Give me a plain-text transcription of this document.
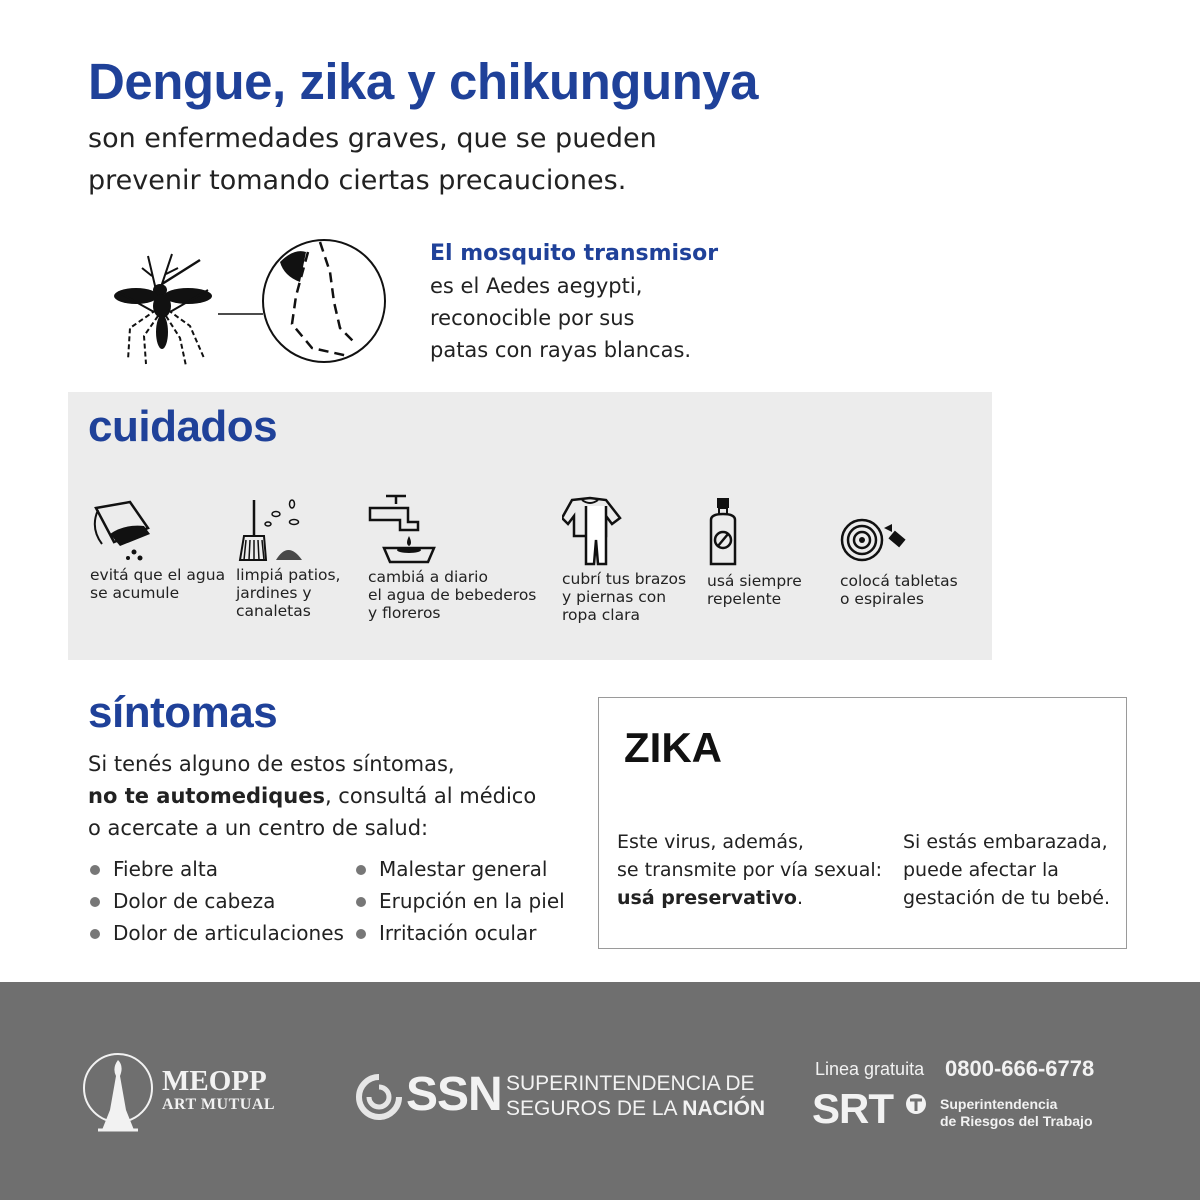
Dengue, zika y chikungunya
son enfermedades graves, que se pueden
prevenir tomando ciertas precauciones.
El mosquito transmisor
es el Aedes aegypti,
reconocible por sus
patas con rayas blancas.
cuidados
evitá que el agua
se acumule
limpiá patios,
jardines y
canaletas
cambiá a diario
el agua de bebederos
y floreros
cubrí tus brazos
y piernas con
ropa clara
usá siempre
repelente
colocá tabletas
o espirales
síntomas
Si tenés alguno de estos síntomas,
no te automediques, consultá al médico
o acercate a un centro de salud:
Fiebre alta
Dolor de cabeza
Dolor de articulaciones
Malestar general
Erupción en la piel
Irritación ocular
ZIKA
Este virus, además,
se transmite por vía sexual:
usá preservativo.
Si estás embarazada,
puede afectar la
gestación de tu bebé.
MEOPP
ART MUTUAL	SSN SUPERINTENDENCIA DE
SEGUROS DE LA NACIÓN
Linea gratuita 0800-666-6778
SRT	Superintendencia
de Riesgos del Trabajo
